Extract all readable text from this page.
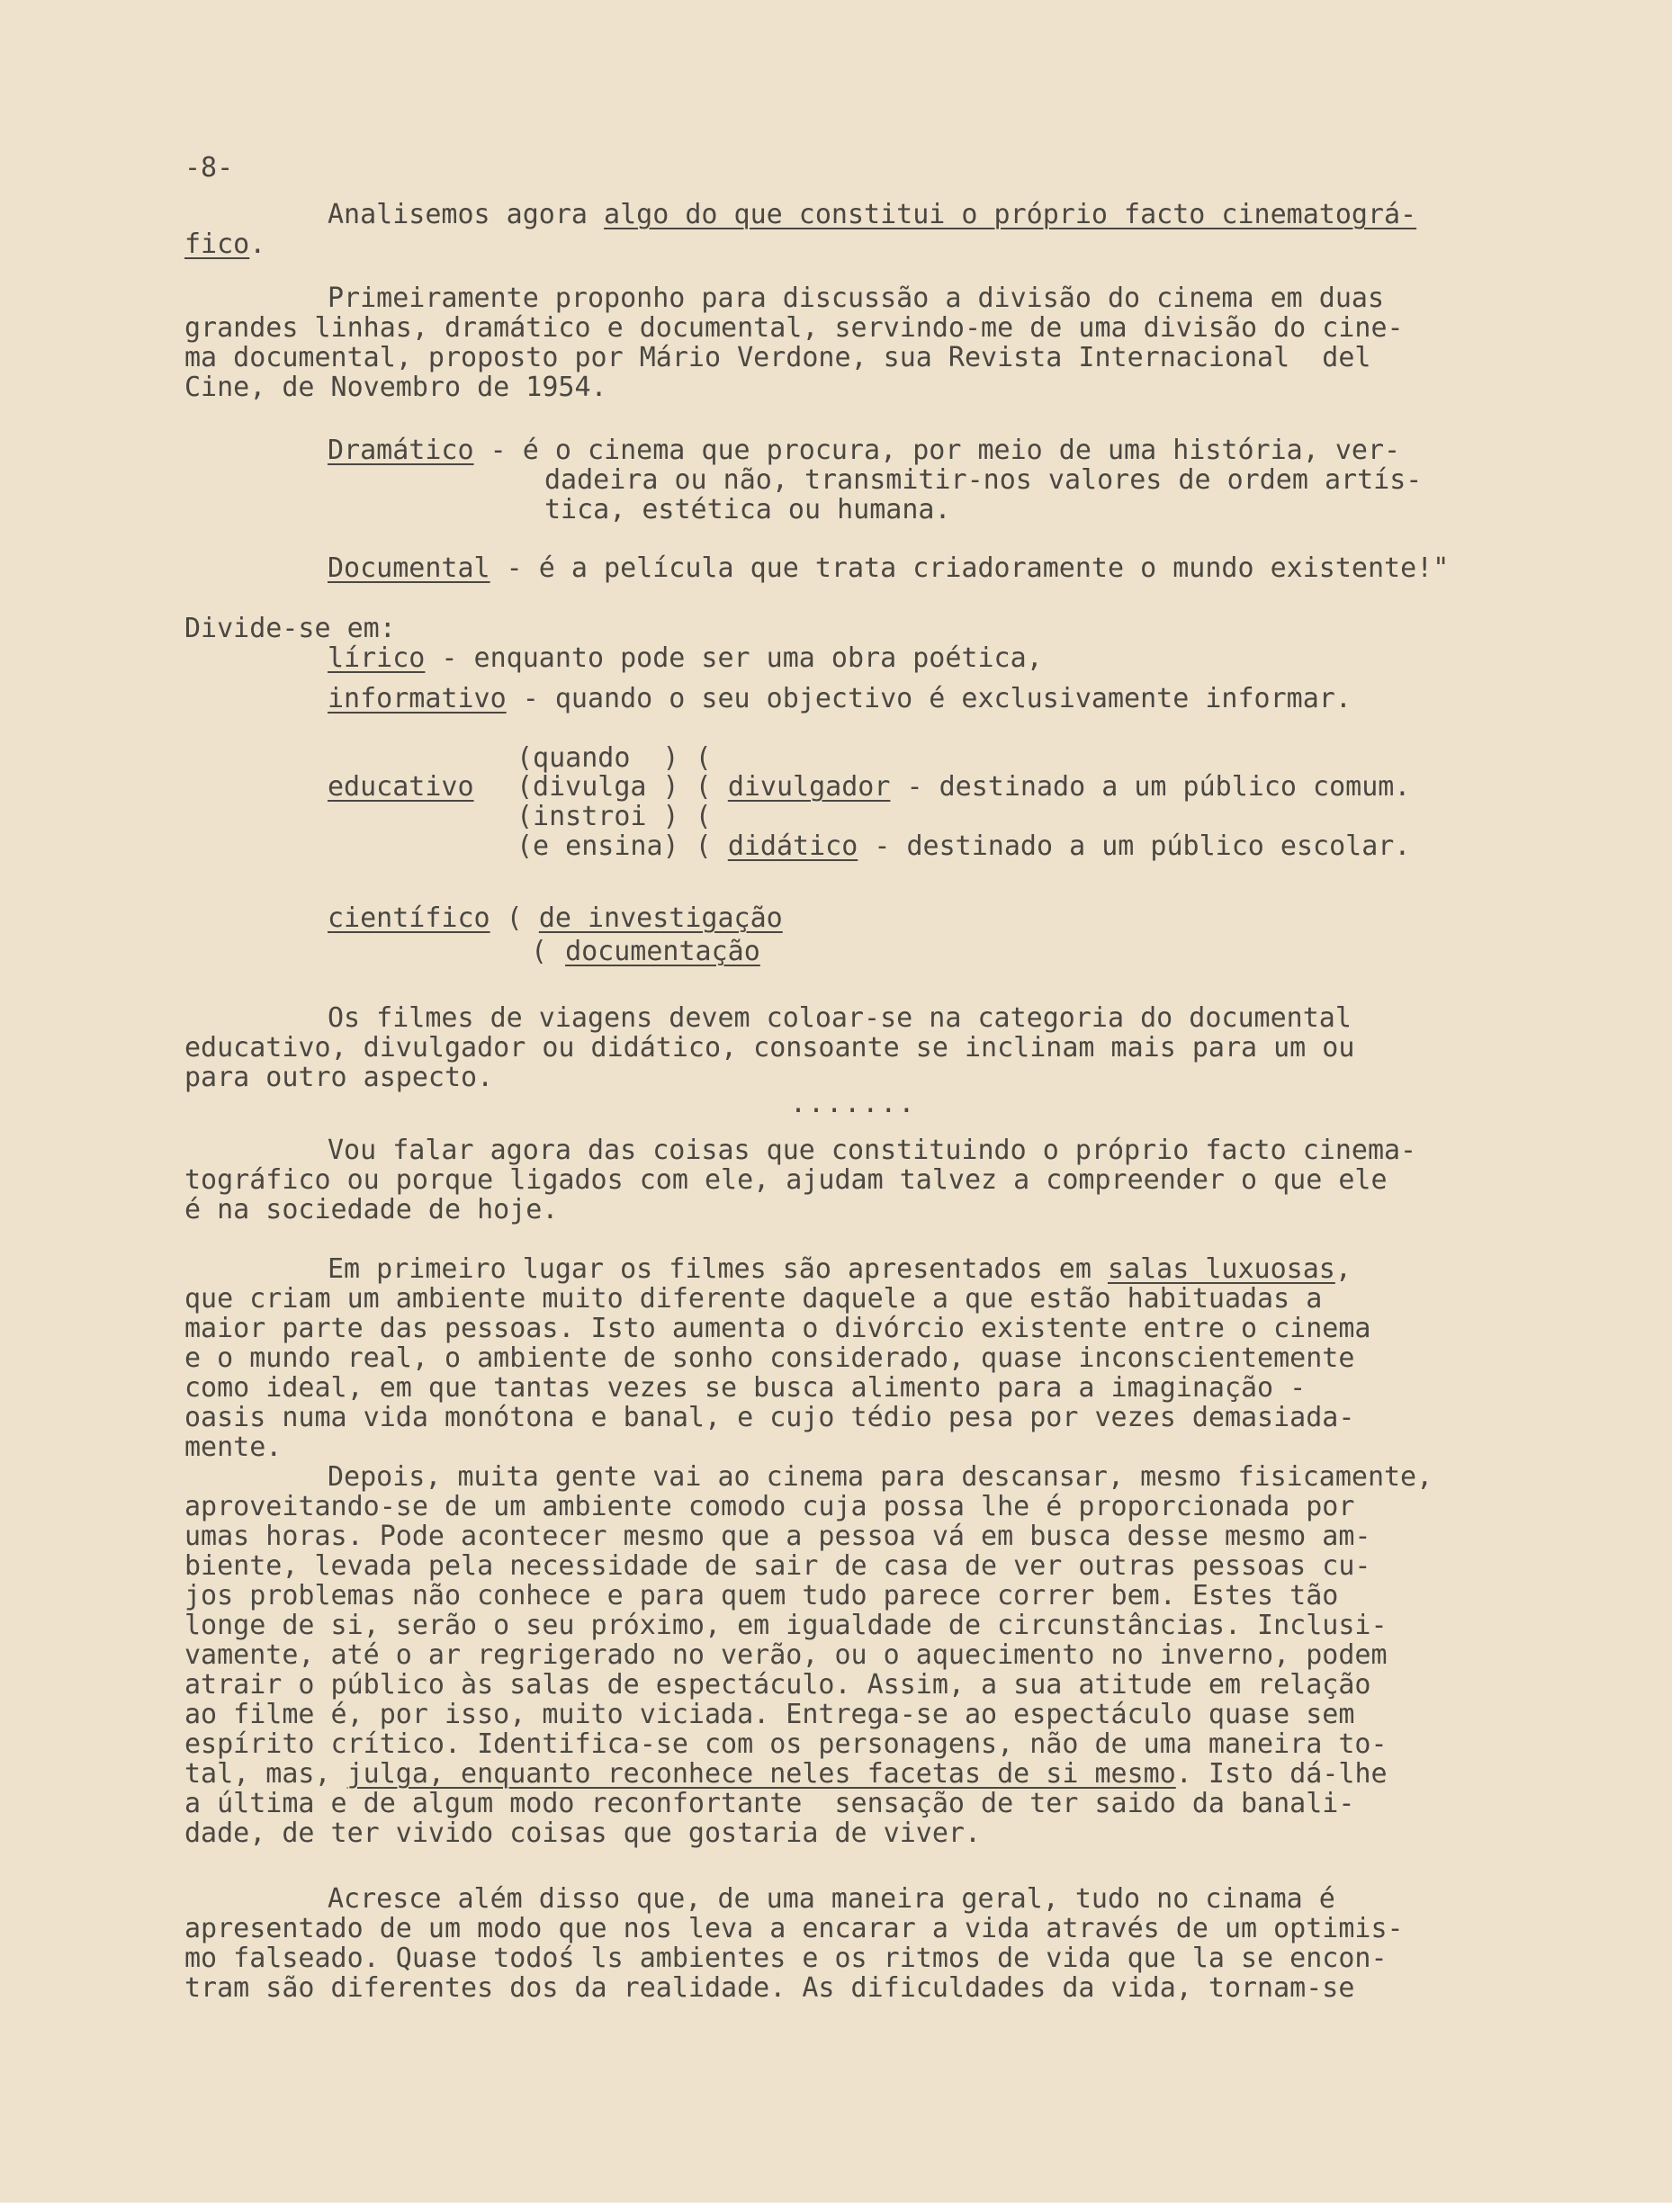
-8-
Analisemos agora algo do que constitui o próprio facto cinematográ-
fico.
Primeiramente proponho para discussão a divisão do cinema em duas
grandes linhas, dramático e documental, servindo-me de uma divisão do cine-
ma documental, proposto por Mário Verdone, sua Revista Internacional  del
Cine, de Novembro de 1954.
Dramático - é o cinema que procura, por meio de uma história, ver-
dadeira ou não, transmitir-nos valores de ordem artís-
tica, estética ou humana.
Documental - é a película que trata criadoramente o mundo existente!"
Divide-se em:
lírico - enquanto pode ser uma obra poética,
informativo - quando o seu objectivo é exclusivamente informar.
(quando  ) (
educativo (divulga ) ( divulgador - destinado a um público comum.
(instroi ) (
(e ensina) ( didático - destinado a um público escolar.
científico ( de investigação
( documentação
Os filmes de viagens devem coloar-se na categoria do documental
educativo, divulgador ou didático, consoante se inclinam mais para um ou
para outro aspecto.
.......
Vou falar agora das coisas que constituindo o próprio facto cinema-
tográfico ou porque ligados com ele, ajudam talvez a compreender o que ele
é na sociedade de hoje.
Em primeiro lugar os filmes são apresentados em salas luxuosas,
que criam um ambiente muito diferente daquele a que estão habituadas a
maior parte das pessoas. Isto aumenta o divórcio existente entre o cinema
e o mundo real, o ambiente de sonho considerado, quase inconscientemente
como ideal, em que tantas vezes se busca alimento para a imaginação -
oasis numa vida monótona e banal, e cujo tédio pesa por vezes demasiada-
mente.
Depois, muita gente vai ao cinema para descansar, mesmo fisicamente,
aproveitando-se de um ambiente comodo cuja possa lhe é proporcionada por
umas horas. Pode acontecer mesmo que a pessoa vá em busca desse mesmo am-
biente, levada pela necessidade de sair de casa de ver outras pessoas cu-
jos problemas não conhece e para quem tudo parece correr bem. Estes tão
longe de si, serão o seu próximo, em igualdade de circunstâncias. Inclusi-
vamente, até o ar regrigerado no verão, ou o aquecimento no inverno, podem
atrair o público às salas de espectáculo. Assim, a sua atitude em relação
ao filme é, por isso, muito viciada. Entrega-se ao espectáculo quase sem
espírito crítico. Identifica-se com os personagens, não de uma maneira to-
tal, mas, julga, enquanto reconhece neles facetas de si mesmo. Isto dá-lhe
a última e de algum modo reconfortante  sensação de ter saido da banali-
dade, de ter vivido coisas que gostaria de viver.
Acresce além disso que, de uma maneira geral, tudo no cinama é
apresentado de um modo que nos leva a encarar a vida através de um optimis-
mo falseado. Quase todoś ls ambientes e os ritmos de vida que la se encon-
tram são diferentes dos da realidade. As dificuldades da vida, tornam-se
